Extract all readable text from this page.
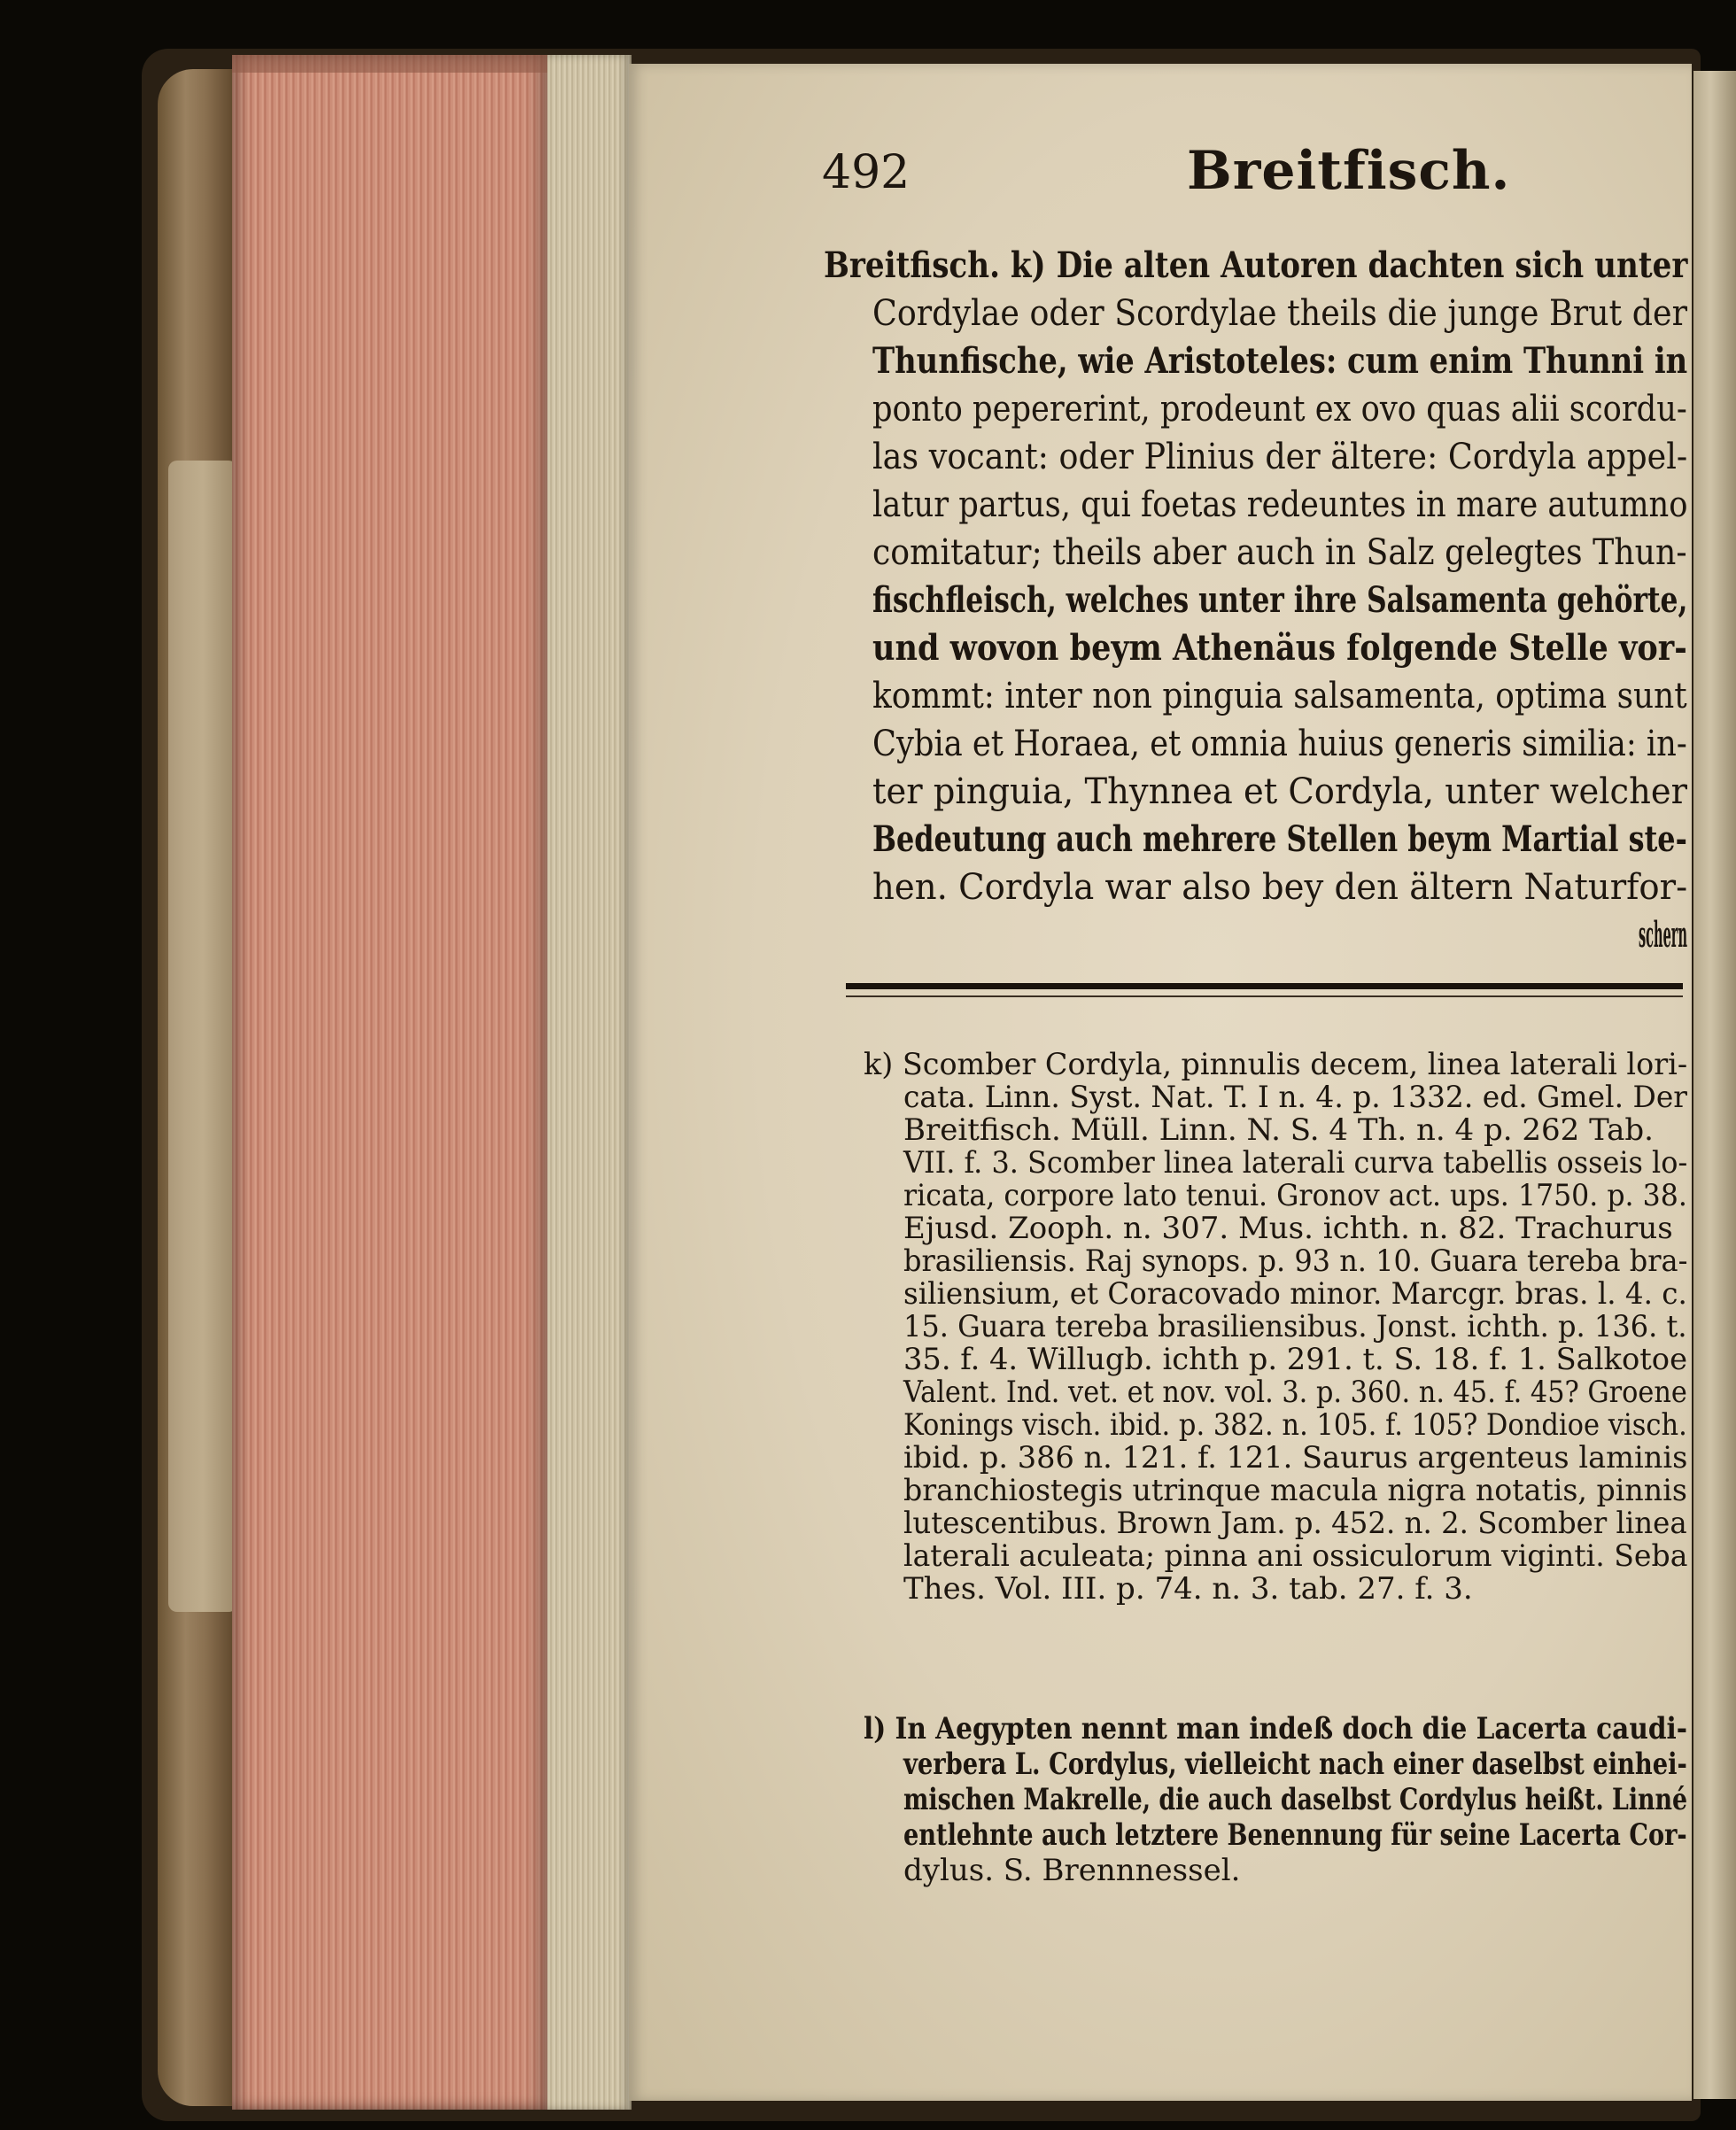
492	Breitfisch.
Breitfisch. k) Die alten Autoren dachten sich unter
Cordylae oder Scordylae theils die junge Brut der
Thunfische, wie Aristoteles: cum enim Thunni in
ponto pepererint, prodeunt ex ovo quas alii scordu-
las vocant: oder Plinius der ältere: Cordyla appel-
latur partus, qui foetas redeuntes in mare autumno
comitatur; theils aber auch in Salz gelegtes Thun-
fischfleisch, welches unter ihre Salsamenta gehörte,
und wovon beym Athenäus folgende Stelle vor-
kommt: inter non pinguia salsamenta, optima sunt
Cybia et Horaea, et omnia huius generis similia: in-
ter pinguia, Thynnea et Cordyla, unter welcher
Bedeutung auch mehrere Stellen beym Martial ste-
hen. Cordyla war also bey den ältern Naturfor-
schern
k) Scomber Cordyla, pinnulis decem, linea laterali lori-
cata. Linn. Syst. Nat. T. I n. 4. p. 1332. ed. Gmel. Der
Breitfisch. Müll. Linn. N. S. 4 Th. n. 4 p. 262 Tab.
VII. f. 3. Scomber linea laterali curva tabellis osseis lo-
ricata, corpore lato tenui. Gronov act. ups. 1750. p. 38.
Ejusd. Zooph. n. 307. Mus. ichth. n. 82. Trachurus
brasiliensis. Raj synops. p. 93 n. 10. Guara tereba bra-
siliensium, et Coracovado minor. Marcgr. bras. l. 4. c.
15. Guara tereba brasiliensibus. Jonst. ichth. p. 136. t.
35. f. 4. Willugb. ichth p. 291. t. S. 18. f. 1. Salkotoe
Valent. Ind. vet. et nov. vol. 3. p. 360. n. 45. f. 45? Groene
Konings visch. ibid. p. 382. n. 105. f. 105? Dondioe visch.
ibid. p. 386 n. 121. f. 121. Saurus argenteus laminis
branchiostegis utrinque macula nigra notatis, pinnis
lutescentibus. Brown Jam. p. 452. n. 2. Scomber linea
laterali aculeata; pinna ani ossiculorum viginti. Seba
Thes. Vol. III. p. 74. n. 3. tab. 27. f. 3.
l) In Aegypten nennt man indeß doch die Lacerta caudi-
verbera L. Cordylus, vielleicht nach einer daselbst einhei-
mischen Makrelle, die auch daselbst Cordylus heißt. Linné
entlehnte auch letztere Benennung für seine Lacerta Cor-
dylus. S. Brennnessel.
